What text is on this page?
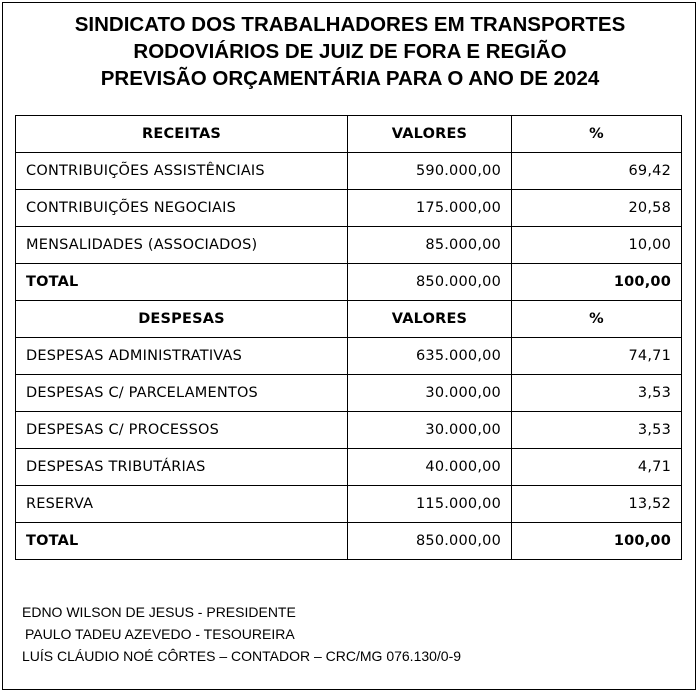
SINDICATO DOS TRABALHADORES EM TRANSPORTES
RODOVIÁRIOS DE JUIZ DE FORA E REGIÃO
PREVISÃO ORÇAMENTÁRIA PARA O ANO DE 2024
RECEITAS	VALORES	%
CONTRIBUIÇÕES ASSISTÊNCIAIS	590.000,00	69,42
CONTRIBUIÇÕES NEGOCIAIS	175.000,00	20,58
MENSALIDADES (ASSOCIADOS)	85.000,00	10,00
TOTAL	850.000,00	100,00
DESPESAS	VALORES	%
DESPESAS ADMINISTRATIVAS	635.000,00	74,71
DESPESAS C/ PARCELAMENTOS	30.000,00	3,53
DESPESAS C/ PROCESSOS	30.000,00	3,53
DESPESAS TRIBUTÁRIAS	40.000,00	4,71
RESERVA	115.000,00	13,52
TOTAL	850.000,00	100,00
EDNO WILSON DE JESUS - PRESIDENTE
PAULO TADEU AZEVEDO - TESOUREIRA
LUÍS CLÁUDIO NOÉ CÔRTES – CONTADOR – CRC/MG 076.130/0-9
